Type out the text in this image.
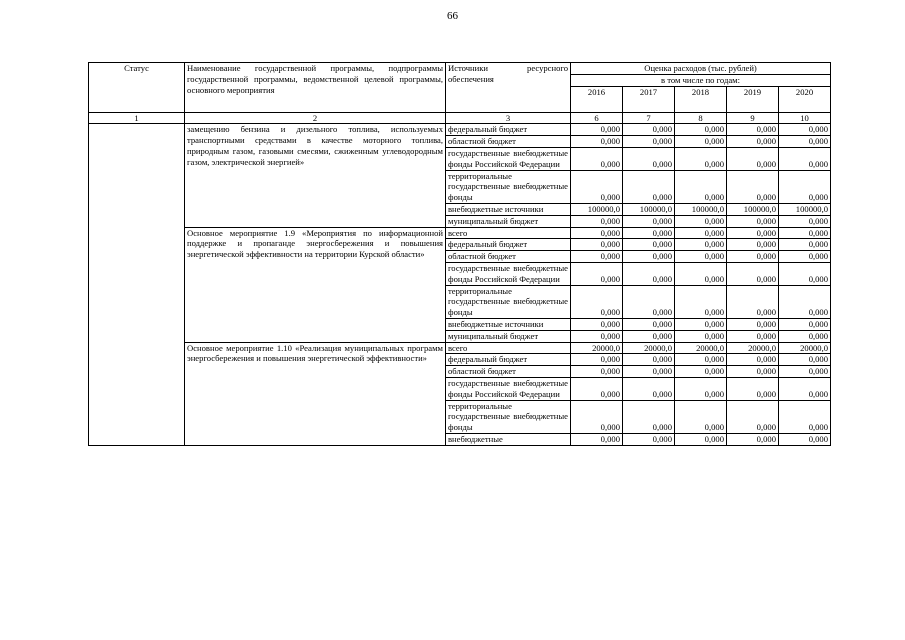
66
Статус	Наименование государственной программы, подпрограммы государственной программы, ведомственной целевой программы, основного мероприятия	Источники ресурсного обеспечения	Оценка расходов (тыс. рублей)				
			в том числе по годам:				
			2016	2017	2018	2019	2020
1	2	3	6	7	8	9	10
	замещению бензина и дизельного топлива, используемых транспортными средствами в качестве моторного топлива, природным газом, газовыми смесями, сжиженным углеводородным газом, электрической энергией»	федеральный бюджет	0,000	0,000	0,000	0,000	0,000
		областной бюджет	0,000	0,000	0,000	0,000	0,000
		государственные внебюджетные фонды Российской Федерации	0,000	0,000	0,000	0,000	0,000
		территориальные государственные внебюджетные фонды	0,000	0,000	0,000	0,000	0,000
		внебюджетные источники	100000,0	100000,0	100000,0	100000,0	100000,0
		муниципальный бюджет	0,000	0,000	0,000	0,000	0,000
	Основное мероприятие 1.9 «Мероприятия по информационной поддержке и пропаганде энергосбережения и повышения энергетической эффективности на территории Курской области»	всего	0,000	0,000	0,000	0,000	0,000
		федеральный бюджет	0,000	0,000	0,000	0,000	0,000
		областной бюджет	0,000	0,000	0,000	0,000	0,000
		государственные внебюджетные фонды Российской Федерации	0,000	0,000	0,000	0,000	0,000
		территориальные государственные внебюджетные фонды	0,000	0,000	0,000	0,000	0,000
		внебюджетные источники	0,000	0,000	0,000	0,000	0,000
		муниципальный бюджет	0,000	0,000	0,000	0,000	0,000
	Основное мероприятие 1.10 «Реализация муниципальных программ энергосбережения и повышения энергетической эффективности»	всего	20000,0	20000,0	20000,0	20000,0	20000,0
		федеральный бюджет	0,000	0,000	0,000	0,000	0,000
		областной бюджет	0,000	0,000	0,000	0,000	0,000
		государственные внебюджетные фонды Российской Федерации	0,000	0,000	0,000	0,000	0,000
		территориальные государственные внебюджетные фонды	0,000	0,000	0,000	0,000	0,000
		внебюджетные	0,000	0,000	0,000	0,000	0,000
